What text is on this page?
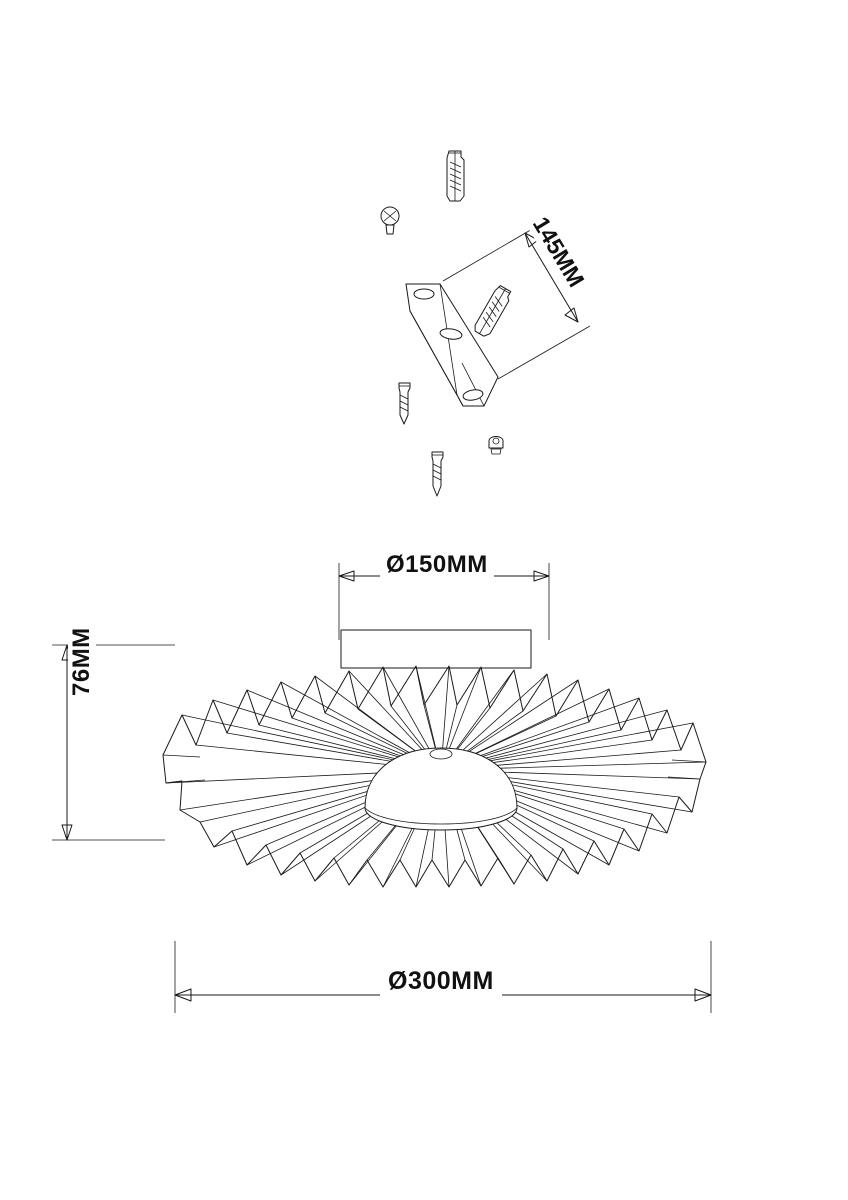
145MM
Ø150MM
76MM
Ø300MM
